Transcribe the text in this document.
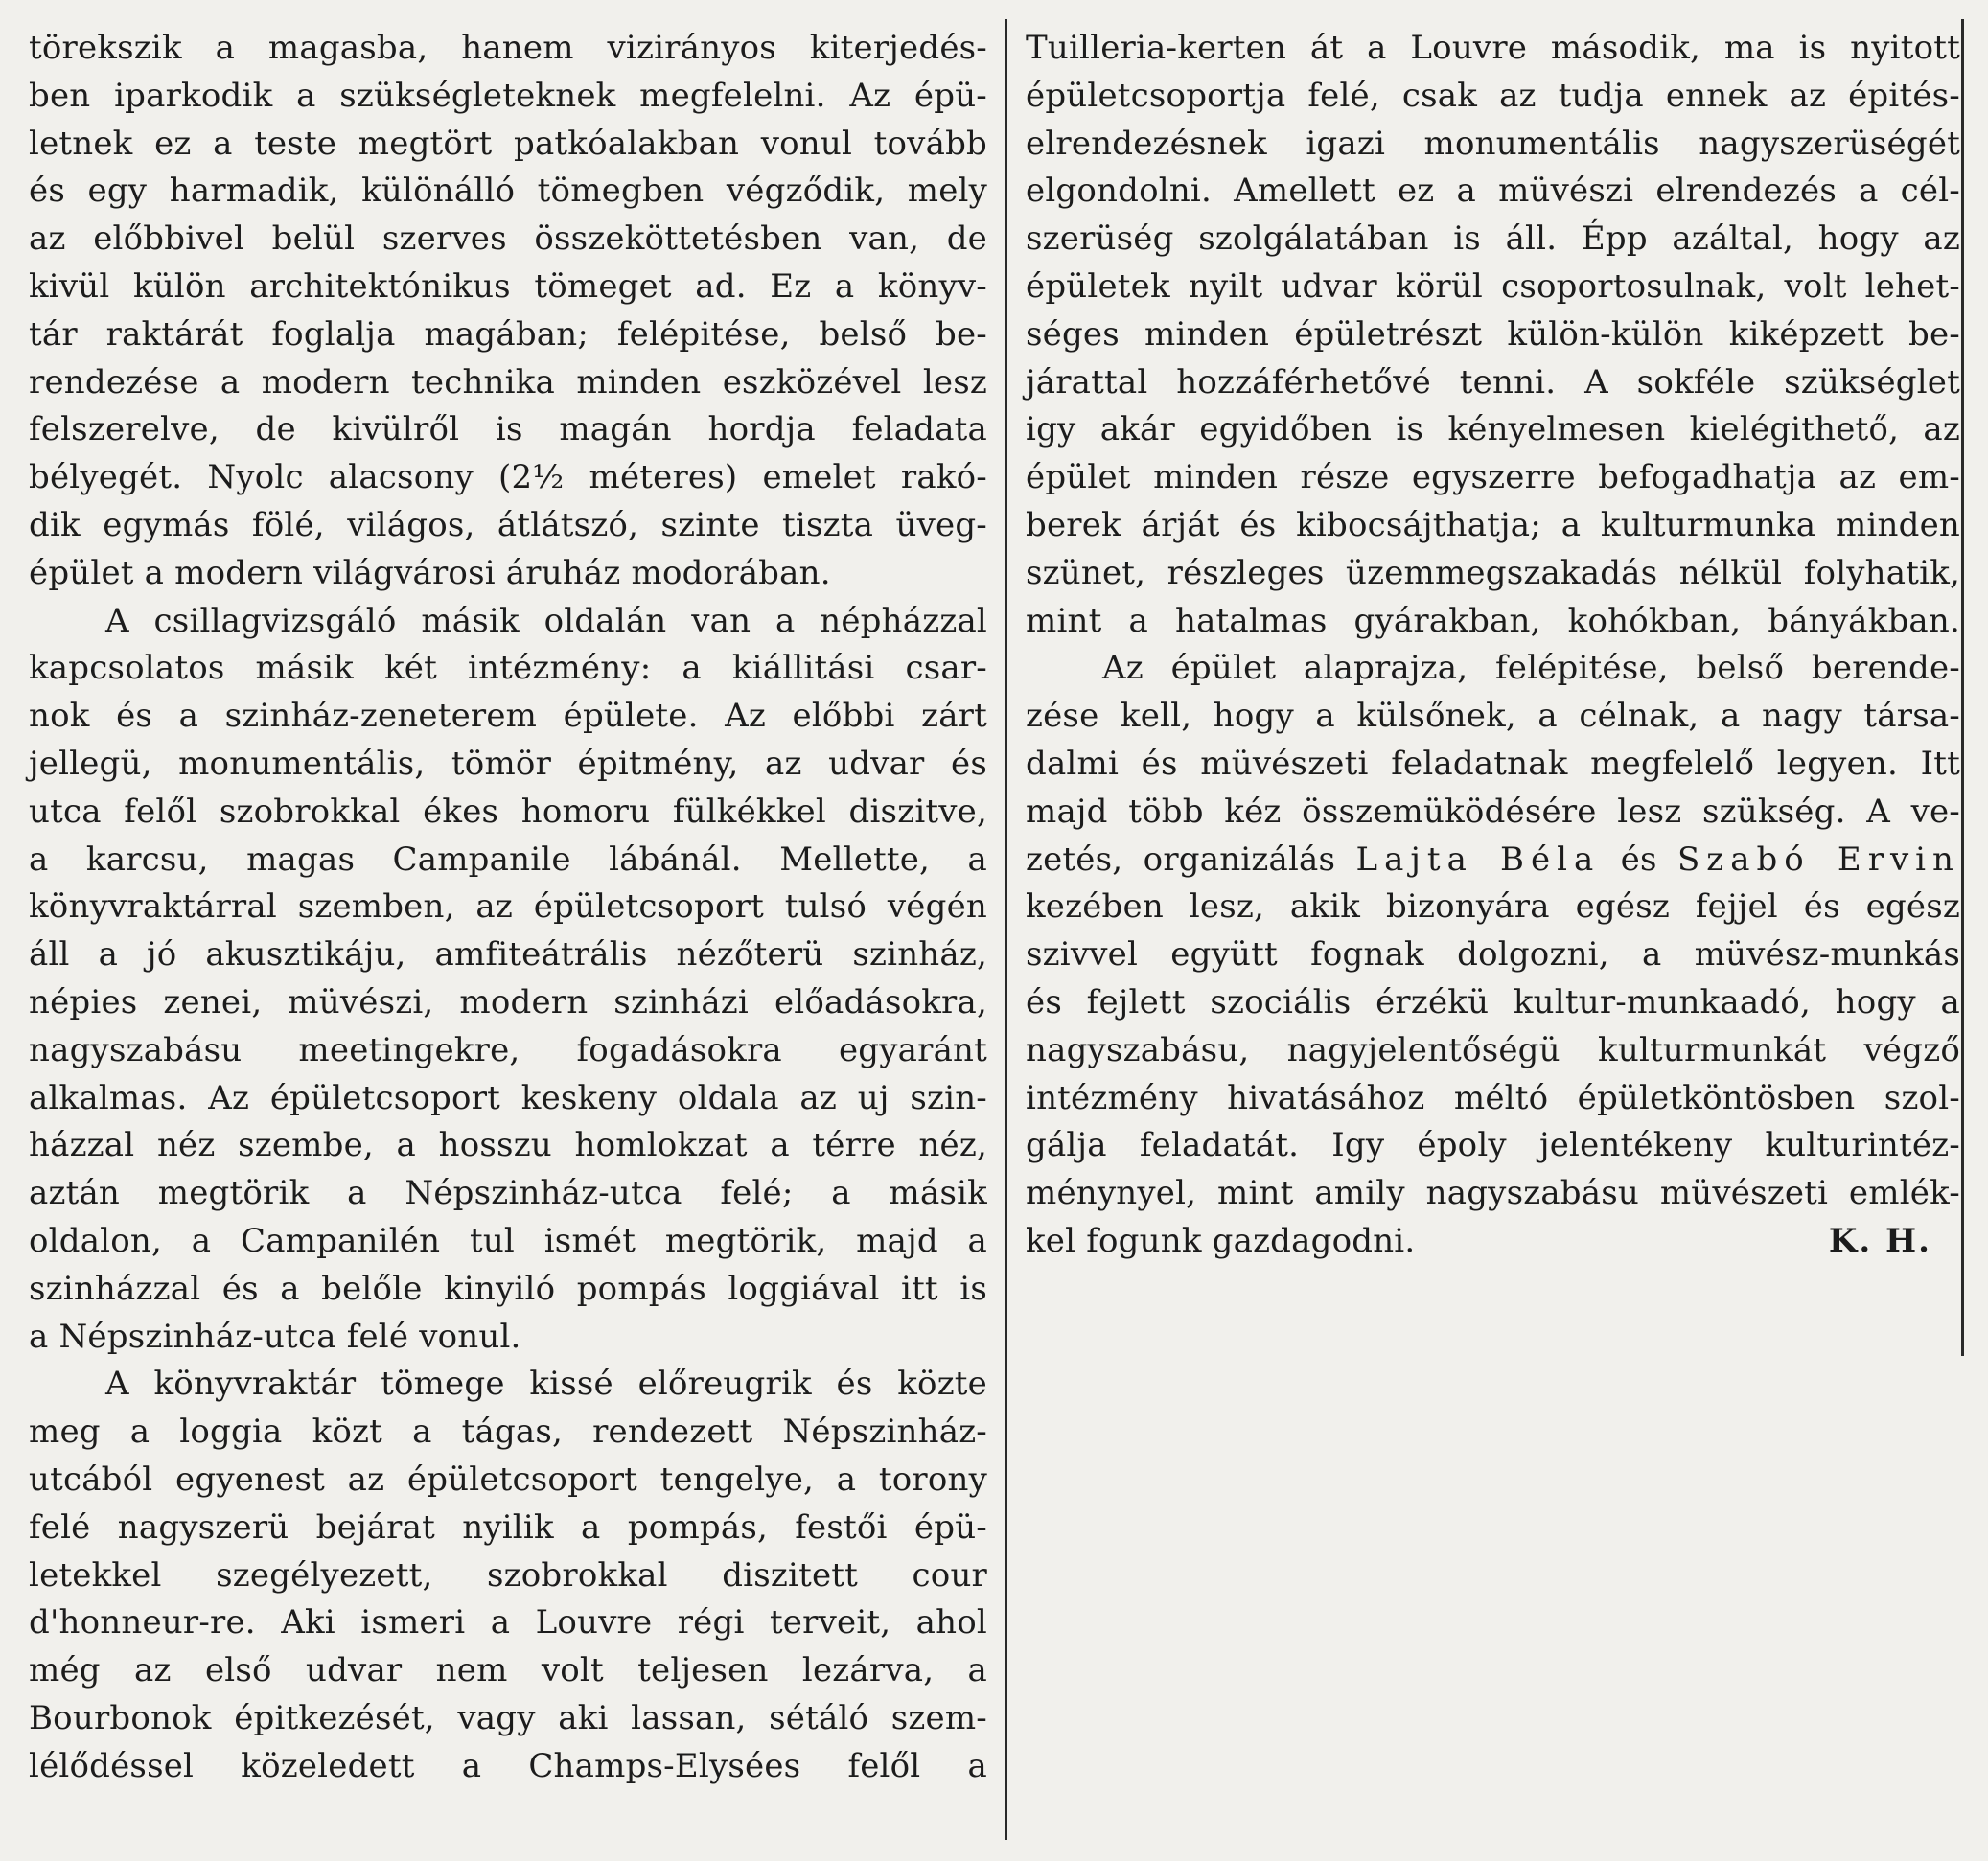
törekszik a magasba, hanem vizirányos kiterjedés-
ben iparkodik a szükségleteknek megfelelni. Az épü-
letnek ez a teste megtört patkóalakban vonul tovább
és egy harmadik, különálló tömegben végződik, mely
az előbbivel belül szerves összeköttetésben van, de
kivül külön architektónikus tömeget ad. Ez a könyv-
tár raktárát foglalja magában; felépitése, belső be-
rendezése a modern technika minden eszközével lesz
felszerelve, de kivülről is magán hordja feladata
bélyegét. Nyolc alacsony (2½ méteres) emelet rakó-
dik egymás fölé, világos, átlátszó, szinte tiszta üveg-
épület a modern világvárosi áruház modorában.
A csillagvizsgáló másik oldalán van a népházzal
kapcsolatos másik két intézmény: a kiállitási csar-
nok és a szinház-zeneterem épülete. Az előbbi zárt
jellegü, monumentális, tömör épitmény, az udvar és
utca felől szobrokkal ékes homoru fülkékkel diszitve,
a karcsu, magas Campanile lábánál. Mellette, a
könyvraktárral szemben, az épületcsoport tulsó végén
áll a jó akusztikáju, amfiteátrális nézőterü szinház,
népies zenei, müvészi, modern szinházi előadásokra,
nagyszabásu meetingekre, fogadásokra egyaránt
alkalmas. Az épületcsoport keskeny oldala az uj szin-
házzal néz szembe, a hosszu homlokzat a térre néz,
aztán megtörik a Népszinház-utca felé; a másik
oldalon, a Campanilén tul ismét megtörik, majd a
szinházzal és a belőle kinyiló pompás loggiával itt is
a Népszinház-utca felé vonul.
A könyvraktár tömege kissé előreugrik és közte
meg a loggia közt a tágas, rendezett Népszinház-
utcából egyenest az épületcsoport tengelye, a torony
felé nagyszerü bejárat nyilik a pompás, festői épü-
letekkel szegélyezett, szobrokkal diszitett cour
d'honneur-re. Aki ismeri a Louvre régi terveit, ahol
még az első udvar nem volt teljesen lezárva, a
Bourbonok épitkezését, vagy aki lassan, sétáló szem-
lélődéssel közeledett a Champs-Elysées felől a
Tuilleria-kerten át a Louvre második, ma is nyitott
épületcsoportja felé, csak az tudja ennek az épités-
elrendezésnek igazi monumentális nagyszerüségét
elgondolni. Amellett ez a müvészi elrendezés a cél-
szerüség szolgálatában is áll. Épp azáltal, hogy az
épületek nyilt udvar körül csoportosulnak, volt lehet-
séges minden épületrészt külön-külön kiképzett be-
járattal hozzáférhetővé tenni. A sokféle szükséglet
igy akár egyidőben is kényelmesen kielégithető, az
épület minden része egyszerre befogadhatja az em-
berek árját és kibocsájthatja; a kulturmunka minden
szünet, részleges üzemmegszakadás nélkül folyhatik,
mint a hatalmas gyárakban, kohókban, bányákban.
Az épület alaprajza, felépitése, belső berende-
zése kell, hogy a külsőnek, a célnak, a nagy társa-
dalmi és müvészeti feladatnak megfelelő legyen. Itt
majd több kéz összemüködésére lesz szükség. A ve-
zetés, organizálás Lajta Béla és Szabó Ervin
kezében lesz, akik bizonyára egész fejjel és egész
szivvel együtt fognak dolgozni, a müvész-munkás
és fejlett szociális érzékü kultur-munkaadó, hogy a
nagyszabásu, nagyjelentőségü kulturmunkát végző
intézmény hivatásához méltó épületköntösben szol-
gálja feladatát. Igy époly jelentékeny kulturintéz-
ménynyel, mint amily nagyszabásu müvészeti emlék-
kel fogunk gazdagodni.	K. H.
